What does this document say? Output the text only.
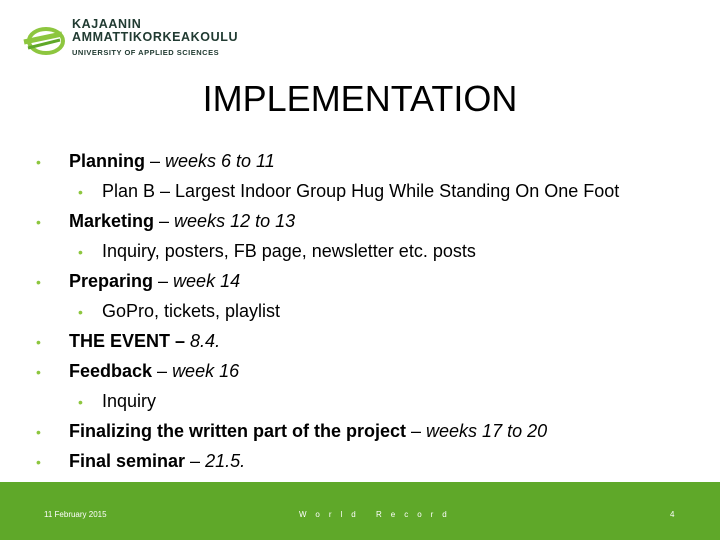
KAJAANIN
AMMATTIKORKEAKOULU
UNIVERSITY OF APPLIED SCIENCES
IMPLEMENTATION
• Planning – weeks 6 to 11
• Plan B – Largest Indoor Group Hug While Standing On One Foot
• Marketing – weeks 12 to 13
• Inquiry, posters, FB page, newsletter etc. posts
• Preparing – week 14
• GoPro, tickets, playlist
• THE EVENT – 8.4.
• Feedback – week 16
• Inquiry
• Finalizing the written part of the project – weeks 17 to 20
• Final seminar – 21.5.
11 February 2015	World Record	4
